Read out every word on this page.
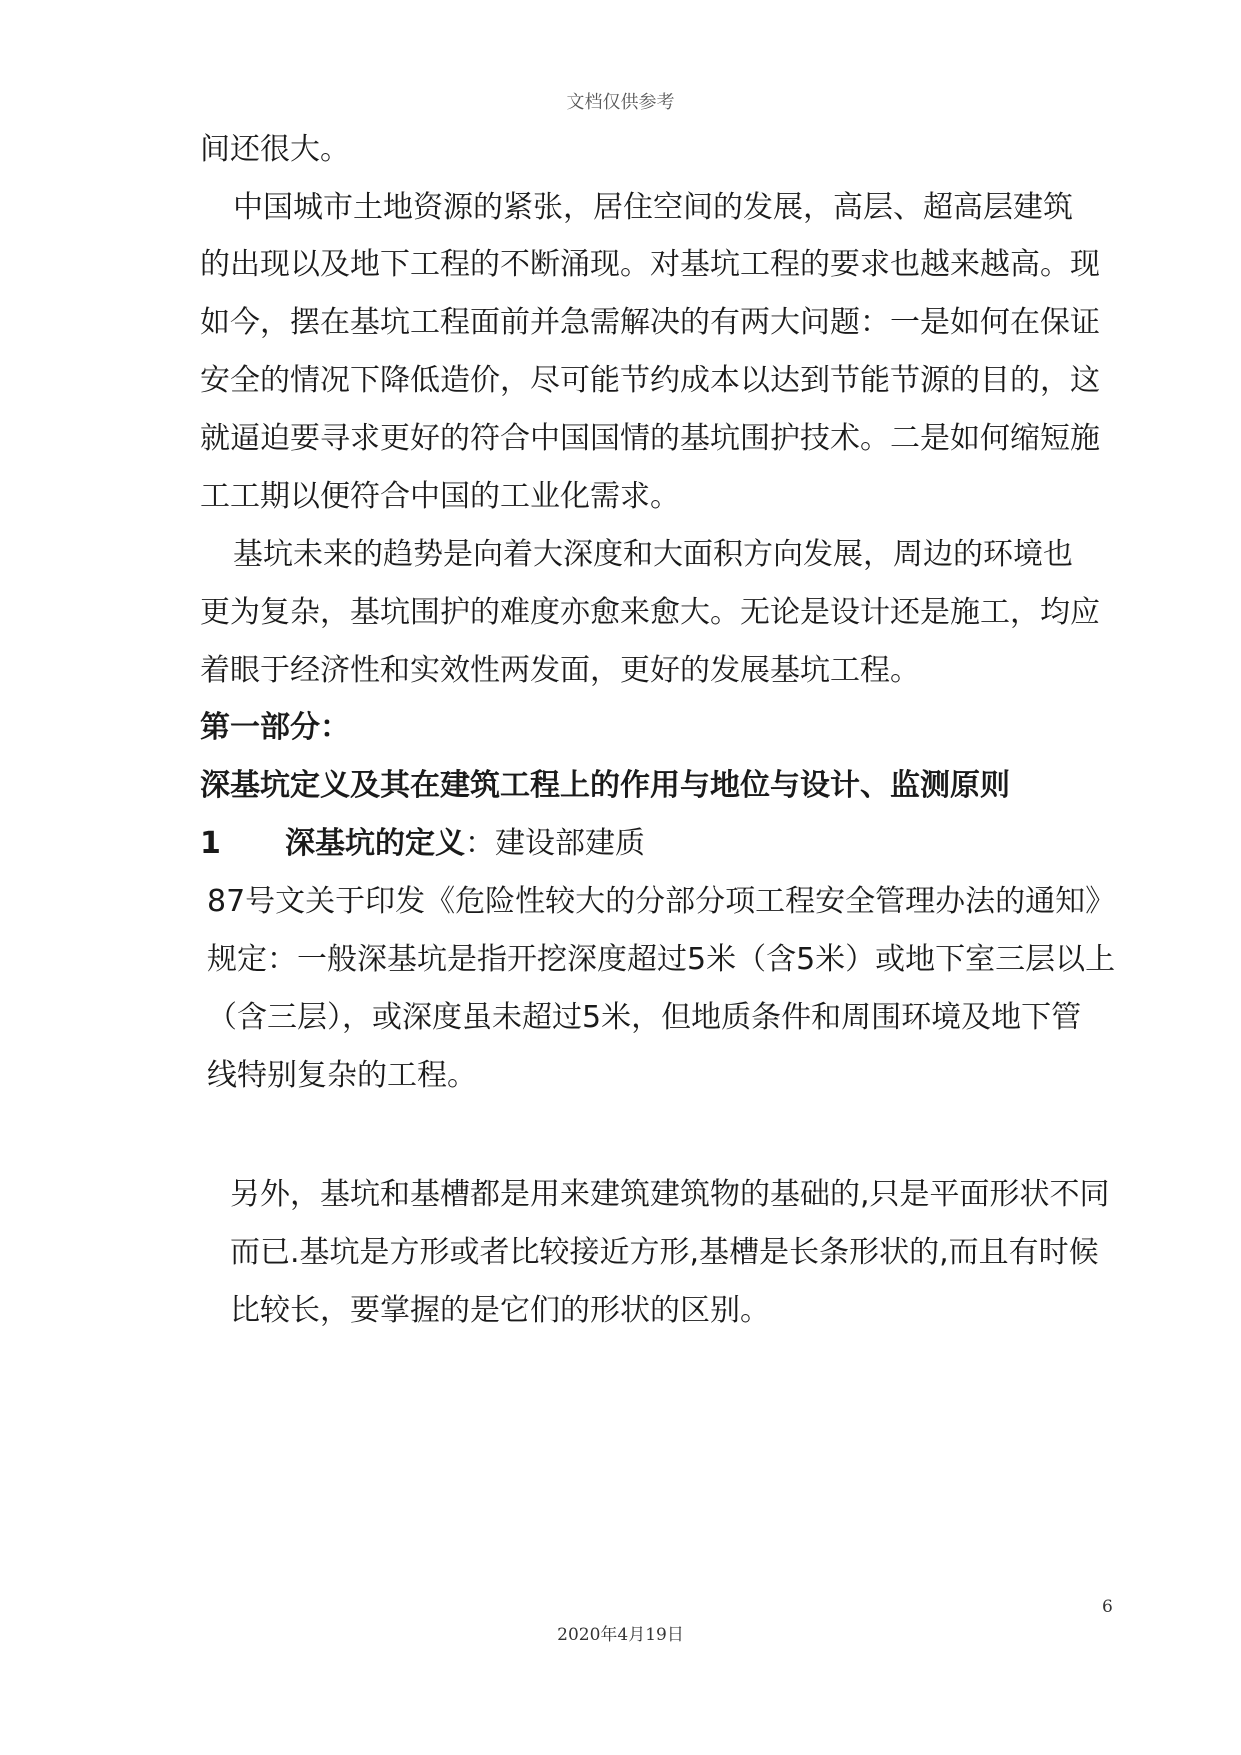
文档仅供参考
间还很大。
中国城市土地资源的紧张，居住空间的发展，高层、超高层建筑
的出现以及地下工程的不断涌现。对基坑工程的要求也越来越高。现
如今，摆在基坑工程面前并急需解决的有两大问题：一是如何在保证
安全的情况下降低造价，尽可能节约成本以达到节能节源的目的，这
就逼迫要寻求更好的符合中国国情的基坑围护技术。二是如何缩短施
工工期以便符合中国的工业化需求。
基坑未来的趋势是向着大深度和大面积方向发展，周边的环境也
更为复杂，基坑围护的难度亦愈来愈大。无论是设计还是施工，均应
着眼于经济性和实效性两发面，更好的发展基坑工程。
第一部分：
深基坑定义及其在建筑工程上的作用与地位与设计、监测原则
1 深基坑的定义：建设部建质
87号文关于印发《危险性较大的分部分项工程安全管理办法的通知》
规定：一般深基坑是指开挖深度超过5米（含5米）或地下室三层以上
（含三层），或深度虽未超过5米，但地质条件和周围环境及地下管
线特别复杂的工程。
另外，基坑和基槽都是用来建筑建筑物的基础的,只是平面形状不同
而已.基坑是方形或者比较接近方形,基槽是长条形状的,而且有时候
比较长，要掌握的是它们的形状的区别。
6
2020年4月19日
